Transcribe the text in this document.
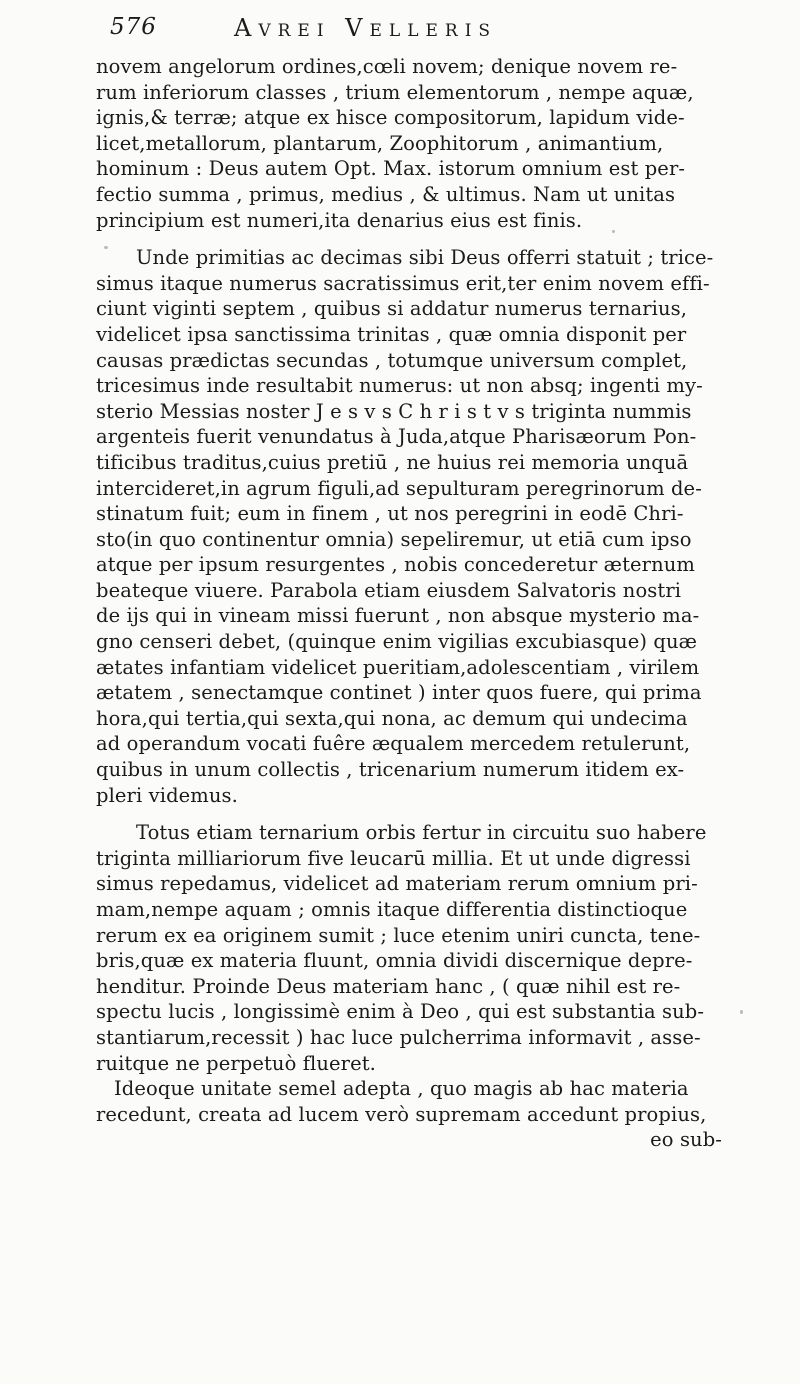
576	Avrei Velleris
novem angelorum ordines,cœli novem; denique novem re-
rum inferiorum classes , trium elementorum , nempe aquæ,
ignis,& terræ; atque ex hisce compositorum, lapidum vide-
licet,metallorum, plantarum, Zoophitorum , animantium,
hominum : Deus autem Opt. Max. istorum omnium est per-
fectio summa , primus, medius , & ultimus. Nam ut unitas
principium est numeri,ita denarius eius est finis.
Unde primitias ac decimas sibi Deus offerri statuit ; trice-
simus itaque numerus sacratissimus erit,ter enim novem effi-
ciunt viginti septem , quibus si addatur numerus ternarius,
videlicet ipsa sanctissima trinitas , quæ omnia disponit per
causas prædictas secundas , totumque universum complet,
tricesimus inde resultabit numerus: ut non absq; ingenti my-
sterio Messias noster J e s v s C h r i s t v s triginta nummis
argenteis fuerit venundatus à Juda,atque Pharisæorum Pon-
tificibus traditus,cuius pretiū , ne huius rei memoria unquā
intercideret,in agrum figuli,ad sepulturam peregrinorum de-
stinatum fuit; eum in finem , ut nos peregrini in eodē Chri-
sto(in quo continentur omnia) sepeliremur, ut etiā cum ipso
atque per ipsum resurgentes , nobis concederetur æternum
beateque viuere. Parabola etiam eiusdem Salvatoris nostri
de ijs qui in vineam missi fuerunt , non absque mysterio ma-
gno censeri debet, (quinque enim vigilias excubiasque) quæ
ætates infantiam videlicet pueritiam,adolescentiam , virilem
ætatem , senectamque continet ) inter quos fuere, qui prima
hora,qui tertia,qui sexta,qui nona, ac demum qui undecima
ad operandum vocati fuêre æqualem mercedem retulerunt,
quibus in unum collectis , tricenarium numerum itidem ex-
pleri videmus.
Totus etiam ternarium orbis fertur in circuitu suo habere
triginta milliariorum five leucarū millia. Et ut unde digressi
simus repedamus, videlicet ad materiam rerum omnium pri-
mam,nempe aquam ; omnis itaque differentia distinctioque
rerum ex ea originem sumit ; luce etenim uniri cuncta, tene-
bris,quæ ex materia fluunt, omnia dividi discernique depre-
henditur. Proinde Deus materiam hanc , ( quæ nihil est re-
spectu lucis , longissimè enim à Deo , qui est substantia sub-
stantiarum,recessit ) hac luce pulcherrima informavit , asse-
ruitque ne perpetuò flueret.
Ideoque unitate semel adepta , quo magis ab hac materia
recedunt, creata ad lucem verò supremam accedunt propius,
eo sub-
